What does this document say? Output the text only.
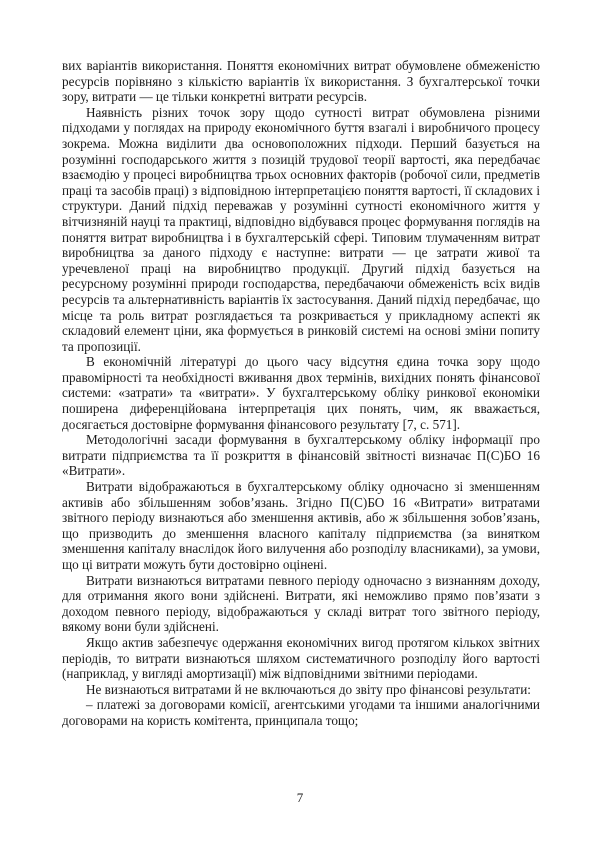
вих варіантів використання. Поняття економічних витрат обумовлене обмеженістю ресурсів порівняно з кількістю варіантів їх використання. З бухгалтерської точки зору, витрати — це тільки конкретні витрати ресурсів.

Наявність різних точок зору щодо сутності витрат обумовлена різними підходами у поглядах на природу економічного буття взагалі і виробничого процесу зокрема. Можна виділити два основоположних підходи. Перший базується на розумінні господарського життя з позицій трудової теорії вартості, яка передбачає взаємодію у процесі виробництва трьох основних факторів (робочої сили, предметів праці та засобів праці) з відповідною інтерпретацією поняття вартості, її складових і структури. Даний підхід переважав у розумінні сутності економічного життя у вітчизняній науці та практиці, відповідно відбувався процес формування поглядів на поняття витрат виробництва і в бухгалтерській сфері. Типовим тлумаченням витрат виробництва за даного підходу є наступне: витрати — це затрати живої та уречевленої праці на виробництво продукції. Другий підхід базується на ресурсному розумінні природи господарства, передбачаючи обмеженість всіх видів ресурсів та альтернативність варіантів їх застосування. Даний підхід передбачає, що місце та роль витрат розглядається та розкривається у прикладному аспекті як складовий елемент ціни, яка формується в ринковій системі на основі зміни попиту та пропозиції.

В економічній літературі до цього часу відсутня єдина точка зору щодо правомірності та необхідності вживання двох термінів, вихідних понять фінансової системи: «затрати» та «витрати». У бухгалтерському обліку ринкової економіки поширена диференційована інтерпретація цих понять, чим, як вважається, досягається достовірне формування фінансового результату [7, с. 571].

Методологічні засади формування в бухгалтерському обліку інформації про витрати підприємства та її розкриття в фінансовій звітності визначає П(С)БО 16 «Витрати».

Витрати відображаються в бухгалтерському обліку одночасно зі зменшенням активів або збільшенням зобов’язань. Згідно П(С)БО 16 «Витрати» витратами звітного періоду визнаються або зменшення активів, або ж збільшення зобов’язань, що призводить до зменшення власного капіталу підприємства (за винятком зменшення капіталу внаслідок його вилучення або розподілу власниками), за умови, що ці витрати можуть бути достовірно оцінені.

Витрати визнаються витратами певного періоду одночасно з визнанням доходу, для отримання якого вони здійснені. Витрати, які неможливо прямо пов’язати з доходом певного періоду, відображаються у складі витрат того звітного періоду, вякому вони були здійснені.

Якщо актив забезпечує одержання економічних вигод протягом кількох звітних періодів, то витрати визнаються шляхом систематичного розподілу його вартості (наприклад, у вигляді амортизації) між відповідними звітними періодами.

Не визнаються витратами й не включаються до звіту про фінансові результати:

– платежі за договорами комісії, агентськими угодами та іншими аналогічними договорами на користь комітента, принципала тощо;

7
